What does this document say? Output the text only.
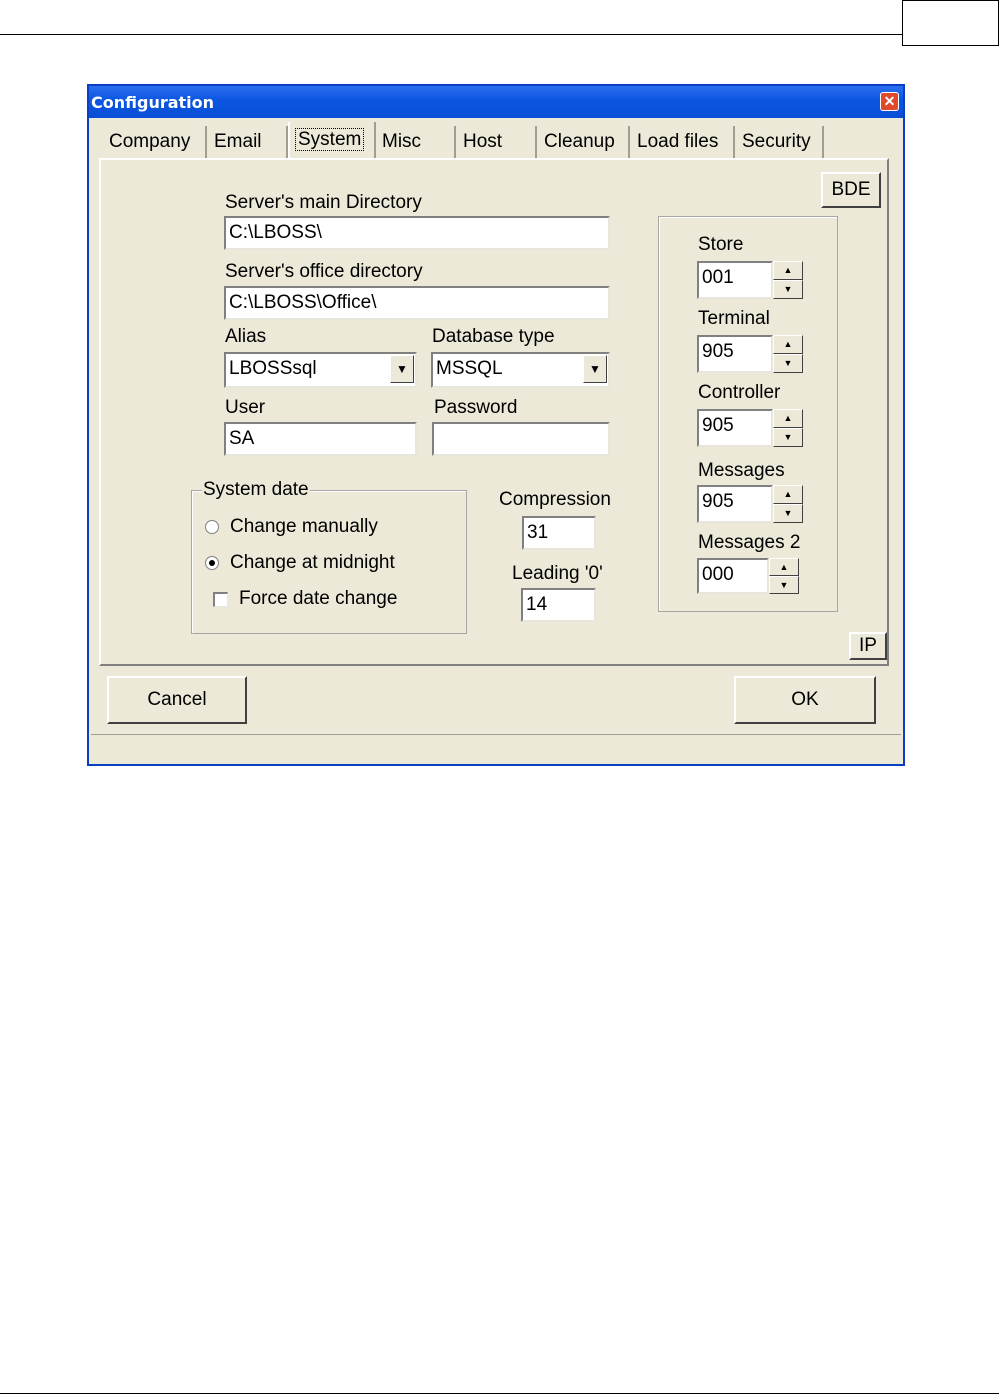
Configuration	✕
Company	Email	System	Misc	Host	Cleanup	Load files	Security
BDE
Server's main Directory
C:\LBOSS\
Server's office directory
C:\LBOSS\Office\
Alias
LBOSSsql	▼
Database type
MSSQL	▼
User
SA
Password
System date
Change manually
Change at midnight
Force date change
Compression
31
Leading '0'
14
Store
001	▲
▼
Terminal
905	▲
▼
Controller
905	▲
▼
Messages
905	▲
▼
Messages 2
000	▲
▼
IP
Cancel	OK
